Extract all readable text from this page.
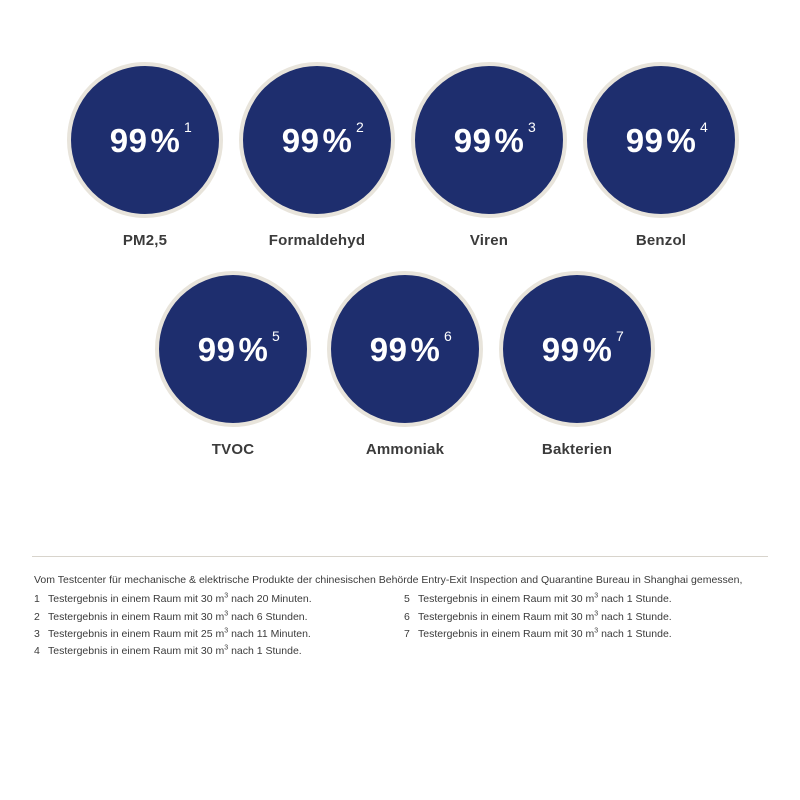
99% 1
PM2,5
99% 2
Formaldehyd
99% 3
Viren
99% 4
Benzol
99% 5
TVOC
99% 6
Ammoniak
99% 7
Bakterien
Vom Testcenter für mechanische & elektrische Produkte der chinesischen Behörde Entry-Exit Inspection and Quarantine Bureau in Shanghai gemessen,
1 Testergebnis in einem Raum mit 30 $m^3$ nach 20 Minuten.
2 Testergebnis in einem Raum mit 30 $m^3$ nach 6 Stunden.
3 Testergebnis in einem Raum mit 25 $m^3$ nach 11 Minuten.
4 Testergebnis in einem Raum mit 30 $m^3$ nach 1 Stunde.
5 Testergebnis in einem Raum mit 30 $m^3$ nach 1 Stunde.
6 Testergebnis in einem Raum mit 30 $m^3$ nach 1 Stunde.
7 Testergebnis in einem Raum mit 30 $m^3$ nach 1 Stunde.
